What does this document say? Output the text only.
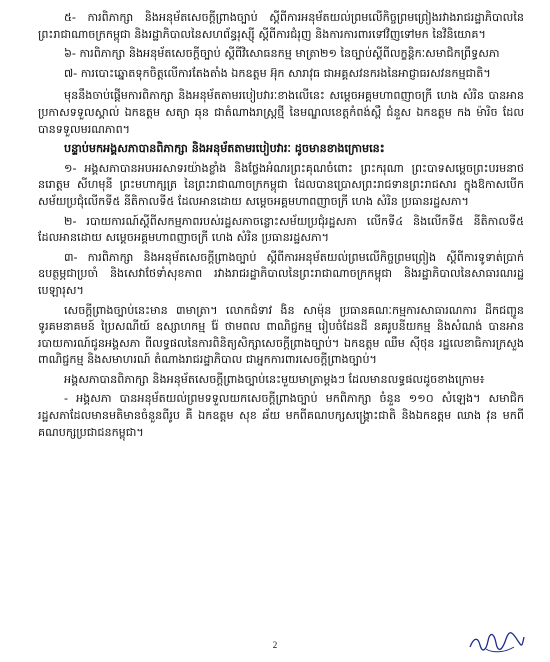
៥- ការពិភាក្សា និងអនុម័តសេចក្តីព្រាងច្បាប់ ស្តីពីការអនុម័តយល់ព្រមលើកិច្ចព្រមព្រៀងរវាងរាជរដ្ឋាភិបាលនៃព្រះរាជាណាចក្រកម្ពុជា និងរដ្ឋាភិបាលនៃសហព័ន្ធរុស្ស៊ី ស្តីពីការជំរុញ និងការការពារទៅវិញទៅមក នៃវិនិយោគ។

៦- ការពិភាក្សា និងអនុម័តសេចក្តីច្បាប់ ស្តីពីវិសោធនកម្ម មាត្រា២១ នៃច្បាប់ស្តីពីលក្ខន្តិកៈសមាជិកព្រឹទ្ធសភា

៧- ការបោះឆ្នោតទុកចិត្តលើការតែងតាំង ឯកឧត្តម អ៊ុក សារាវុធ ជាអគ្គសវនករងនៃអាជ្ញាធរសវនកម្មជាតិ។

មុននឹងចាប់ផ្តើមការពិភាក្សា និងអនុម័តតាមរបៀបវារៈខាងលើនេះ សម្តេចអគ្គមហាពញាចក្រី ហេង សំរិន បានអានប្រកាសទទួលស្គាល់ ឯកឧត្តម សត្យា ឆុន ជាតំណាងរាស្ត្រថ្មី នៃមណ្ឌលខេត្តកំពង់ស្ពឺ ជំនួស ឯកឧត្តម កង ម៉ារិច ដែលបានទទួលមរណភាព។

បន្ទាប់មកអង្គសភាបានពិភាក្សា និងអនុម័តតាមរបៀបវារៈ ដូចមានខាងក្រោមនេះ

១- អង្គសភាបានអបអរសាទរយ៉ាងខ្លាំង និងថ្លែងអំណរព្រះគុណចំពោះ ព្រះករុណា ព្រះបាទសម្តេចព្រះបរមនាថ នរោត្តម សីហមុនី ព្រះមហាក្សត្រ នៃព្រះរាជាណាចក្រកម្ពុជា ដែលបានប្រោសព្រះរាជទានព្រះរាជសារ ក្នុងឱកាសបើកសម័យប្រជុំលើកទី៥ នីតិកាលទី៥ ដែលអានដោយ សម្តេចអគ្គមហាពញាចក្រី ហេង សំរិន ប្រធានរដ្ឋសភា។

២- របាយការណ៍ស្តីពីសកម្មភាពរបស់រដ្ឋសភាចន្លោះសម័យប្រជុំរដ្ឋសភា លើកទី៤ និងលើកទី៥ នីតិកាលទី៥ ដែលអានដោយ សម្តេចអគ្គមហាពញាចក្រី ហេង សំរិន ប្រធានរដ្ឋសភា។

៣- ការពិភាក្សា និងអនុម័តសេចក្តីព្រាងច្បាប់ ស្តីពីការអនុម័តយល់ព្រមលើកិច្ចព្រមព្រៀង ស្តីពីការទូទាត់ប្រាក់ឧបត្ថម្ភជាប្រចាំ និងសេវាថែទាំសុខភាព រវាងរាជរដ្ឋាភិបាលនៃព្រះរាជាណាចក្រកម្ពុជា និងរដ្ឋាភិបាលនៃសាធារណរដ្ឋបេឡារុស។

សេចក្តីព្រាងច្បាប់នេះមាន ៣មាត្រា។ លោកជំទាវ ងិន សាម៉ុន ប្រធានគណៈកម្មការសាធារណការ ដឹកជញ្ជូន ទូរគមនាគមន៍ ប្រៃសណីយ៍ ឧស្សាហកម្ម រ៉ែ ថាមពល ពាណិជ្ជកម្ម រៀបចំដែនដី នគរូបនីយកម្ម និងសំណង់ បានអានរបាយការណ៍ជូនអង្គសភា ពីលទ្ធផលនៃការពិនិត្យសិក្សាសេចក្តីព្រាងច្បាប់។ ឯកឧត្តម ឈឹម ស៊ីថុន រដ្ឋលេខាធិការក្រសួងពាណិជ្ជកម្ម និងសមាហរណ៍ តំណាងរាជរដ្ឋាភិបាល ជាអ្នកការពារសេចក្តីព្រាងច្បាប់។

អង្គសភាបានពិភាក្សា និងអនុម័តសេចក្តីព្រាងច្បាប់នេះមួយមាត្រាម្តងៗ ដែលមានលទ្ធផលដូចខាងក្រោម៖

- អង្គសភា បានអនុម័តយល់ព្រមទទួលយកសេចក្តីព្រាងច្បាប់ មកពិភាក្សា ចំនួន ១១០ សំឡេង។ សមាជិករដ្ឋសភាដែលមានមតិមានចំនួនពីរូប គឺ ឯកឧត្តម សុខ ឆ័យ មកពីគណបក្សសង្គ្រោះជាតិ និងឯកឧត្តម ឈាង វុន មកពីគណបក្សប្រជាជនកម្ពុជា។

2
